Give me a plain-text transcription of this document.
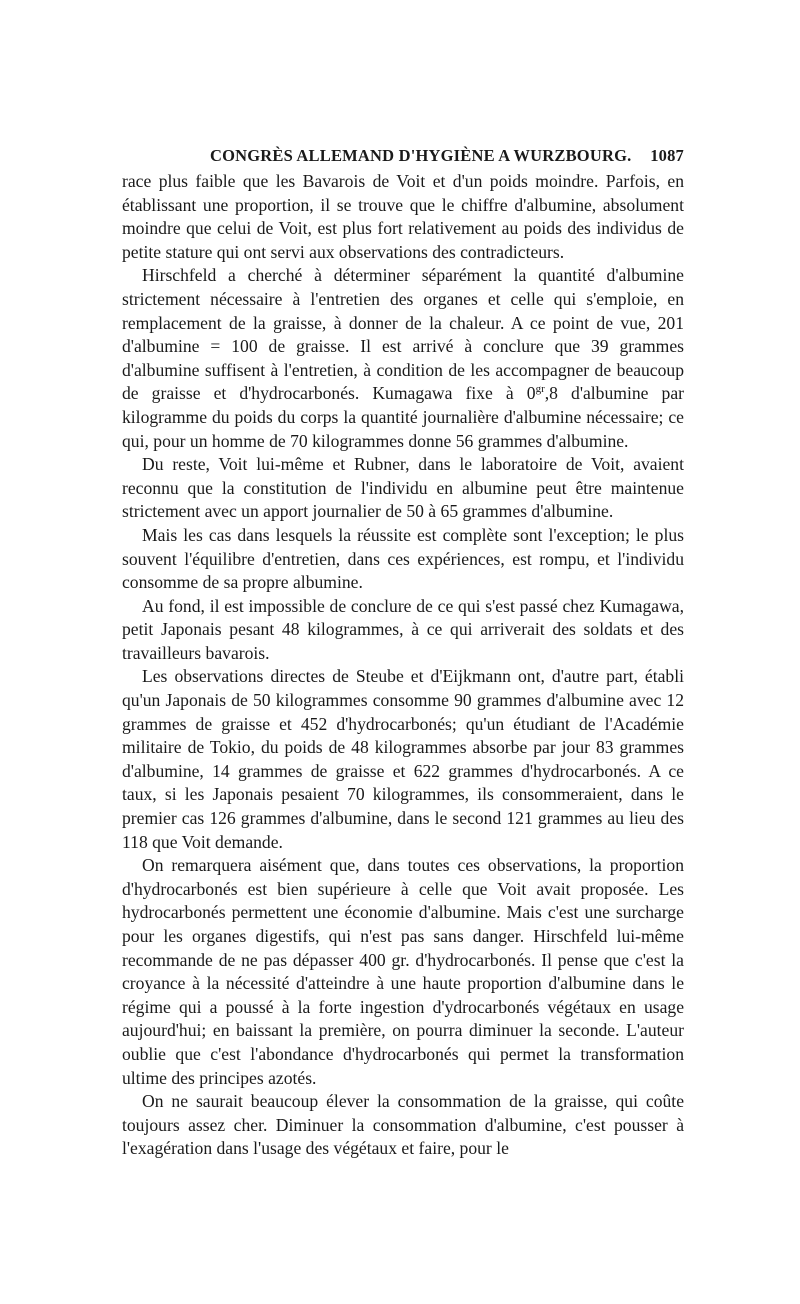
CONGRÈS ALLEMAND D'HYGIÈNE A WURZBOURG. 1087

race plus faible que les Bavarois de Voit et d'un poids moindre. Parfois, en établissant une proportion, il se trouve que le chiffre d'albumine, absolument moindre que celui de Voit, est plus fort relativement au poids des individus de petite stature qui ont servi aux observations des contradicteurs.

Hirschfeld a cherché à déterminer séparément la quantité d'albumine strictement nécessaire à l'entretien des organes et celle qui s'emploie, en remplacement de la graisse, à donner de la chaleur. A ce point de vue, 201 d'albumine = 100 de graisse. Il est arrivé à conclure que 39 grammes d'albumine suffisent à l'entretien, à condition de les accompagner de beaucoup de graisse et d'hydrocarbonés. Kumagawa fixe à $0^{gr},8$ d'albumine par kilogramme du poids du corps la quantité journalière d'albumine nécessaire; ce qui, pour un homme de 70 kilogrammes donne 56 grammes d'albumine.

Du reste, Voit lui-même et Rubner, dans le laboratoire de Voit, avaient reconnu que la constitution de l'individu en albumine peut être maintenue strictement avec un apport journalier de 50 à 65 grammes d'albumine.

Mais les cas dans lesquels la réussite est complète sont l'exception; le plus souvent l'équilibre d'entretien, dans ces expériences, est rompu, et l'individu consomme de sa propre albumine.

Au fond, il est impossible de conclure de ce qui s'est passé chez Kumagawa, petit Japonais pesant 48 kilogrammes, à ce qui arriverait des soldats et des travailleurs bavarois.

Les observations directes de Steube et d'Eijkmann ont, d'autre part, établi qu'un Japonais de 50 kilogrammes consomme 90 grammes d'albumine avec 12 grammes de graisse et 452 d'hydrocarbonés; qu'un étudiant de l'Académie militaire de Tokio, du poids de 48 kilogrammes absorbe par jour 83 grammes d'albumine, 14 grammes de graisse et 622 grammes d'hydrocarbonés. A ce taux, si les Japonais pesaient 70 kilogrammes, ils consommeraient, dans le premier cas 126 grammes d'albumine, dans le second 121 grammes au lieu des 118 que Voit demande.

On remarquera aisément que, dans toutes ces observations, la proportion d'hydrocarbonés est bien supérieure à celle que Voit avait proposée. Les hydrocarbonés permettent une économie d'albumine. Mais c'est une surcharge pour les organes digestifs, qui n'est pas sans danger. Hirschfeld lui-même recommande de ne pas dépasser 400 gr. d'hydrocarbonés. Il pense que c'est la croyance à la nécessité d'atteindre à une haute proportion d'albumine dans le régime qui a poussé à la forte ingestion d'ydrocarbonés végétaux en usage aujourd'hui; en baissant la première, on pourra diminuer la seconde. L'auteur oublie que c'est l'abondance d'hydrocarbonés qui permet la transformation ultime des principes azotés.

On ne saurait beaucoup élever la consommation de la graisse, qui coûte toujours assez cher. Diminuer la consommation d'albumine, c'est pousser à l'exagération dans l'usage des végétaux et faire, pour le
